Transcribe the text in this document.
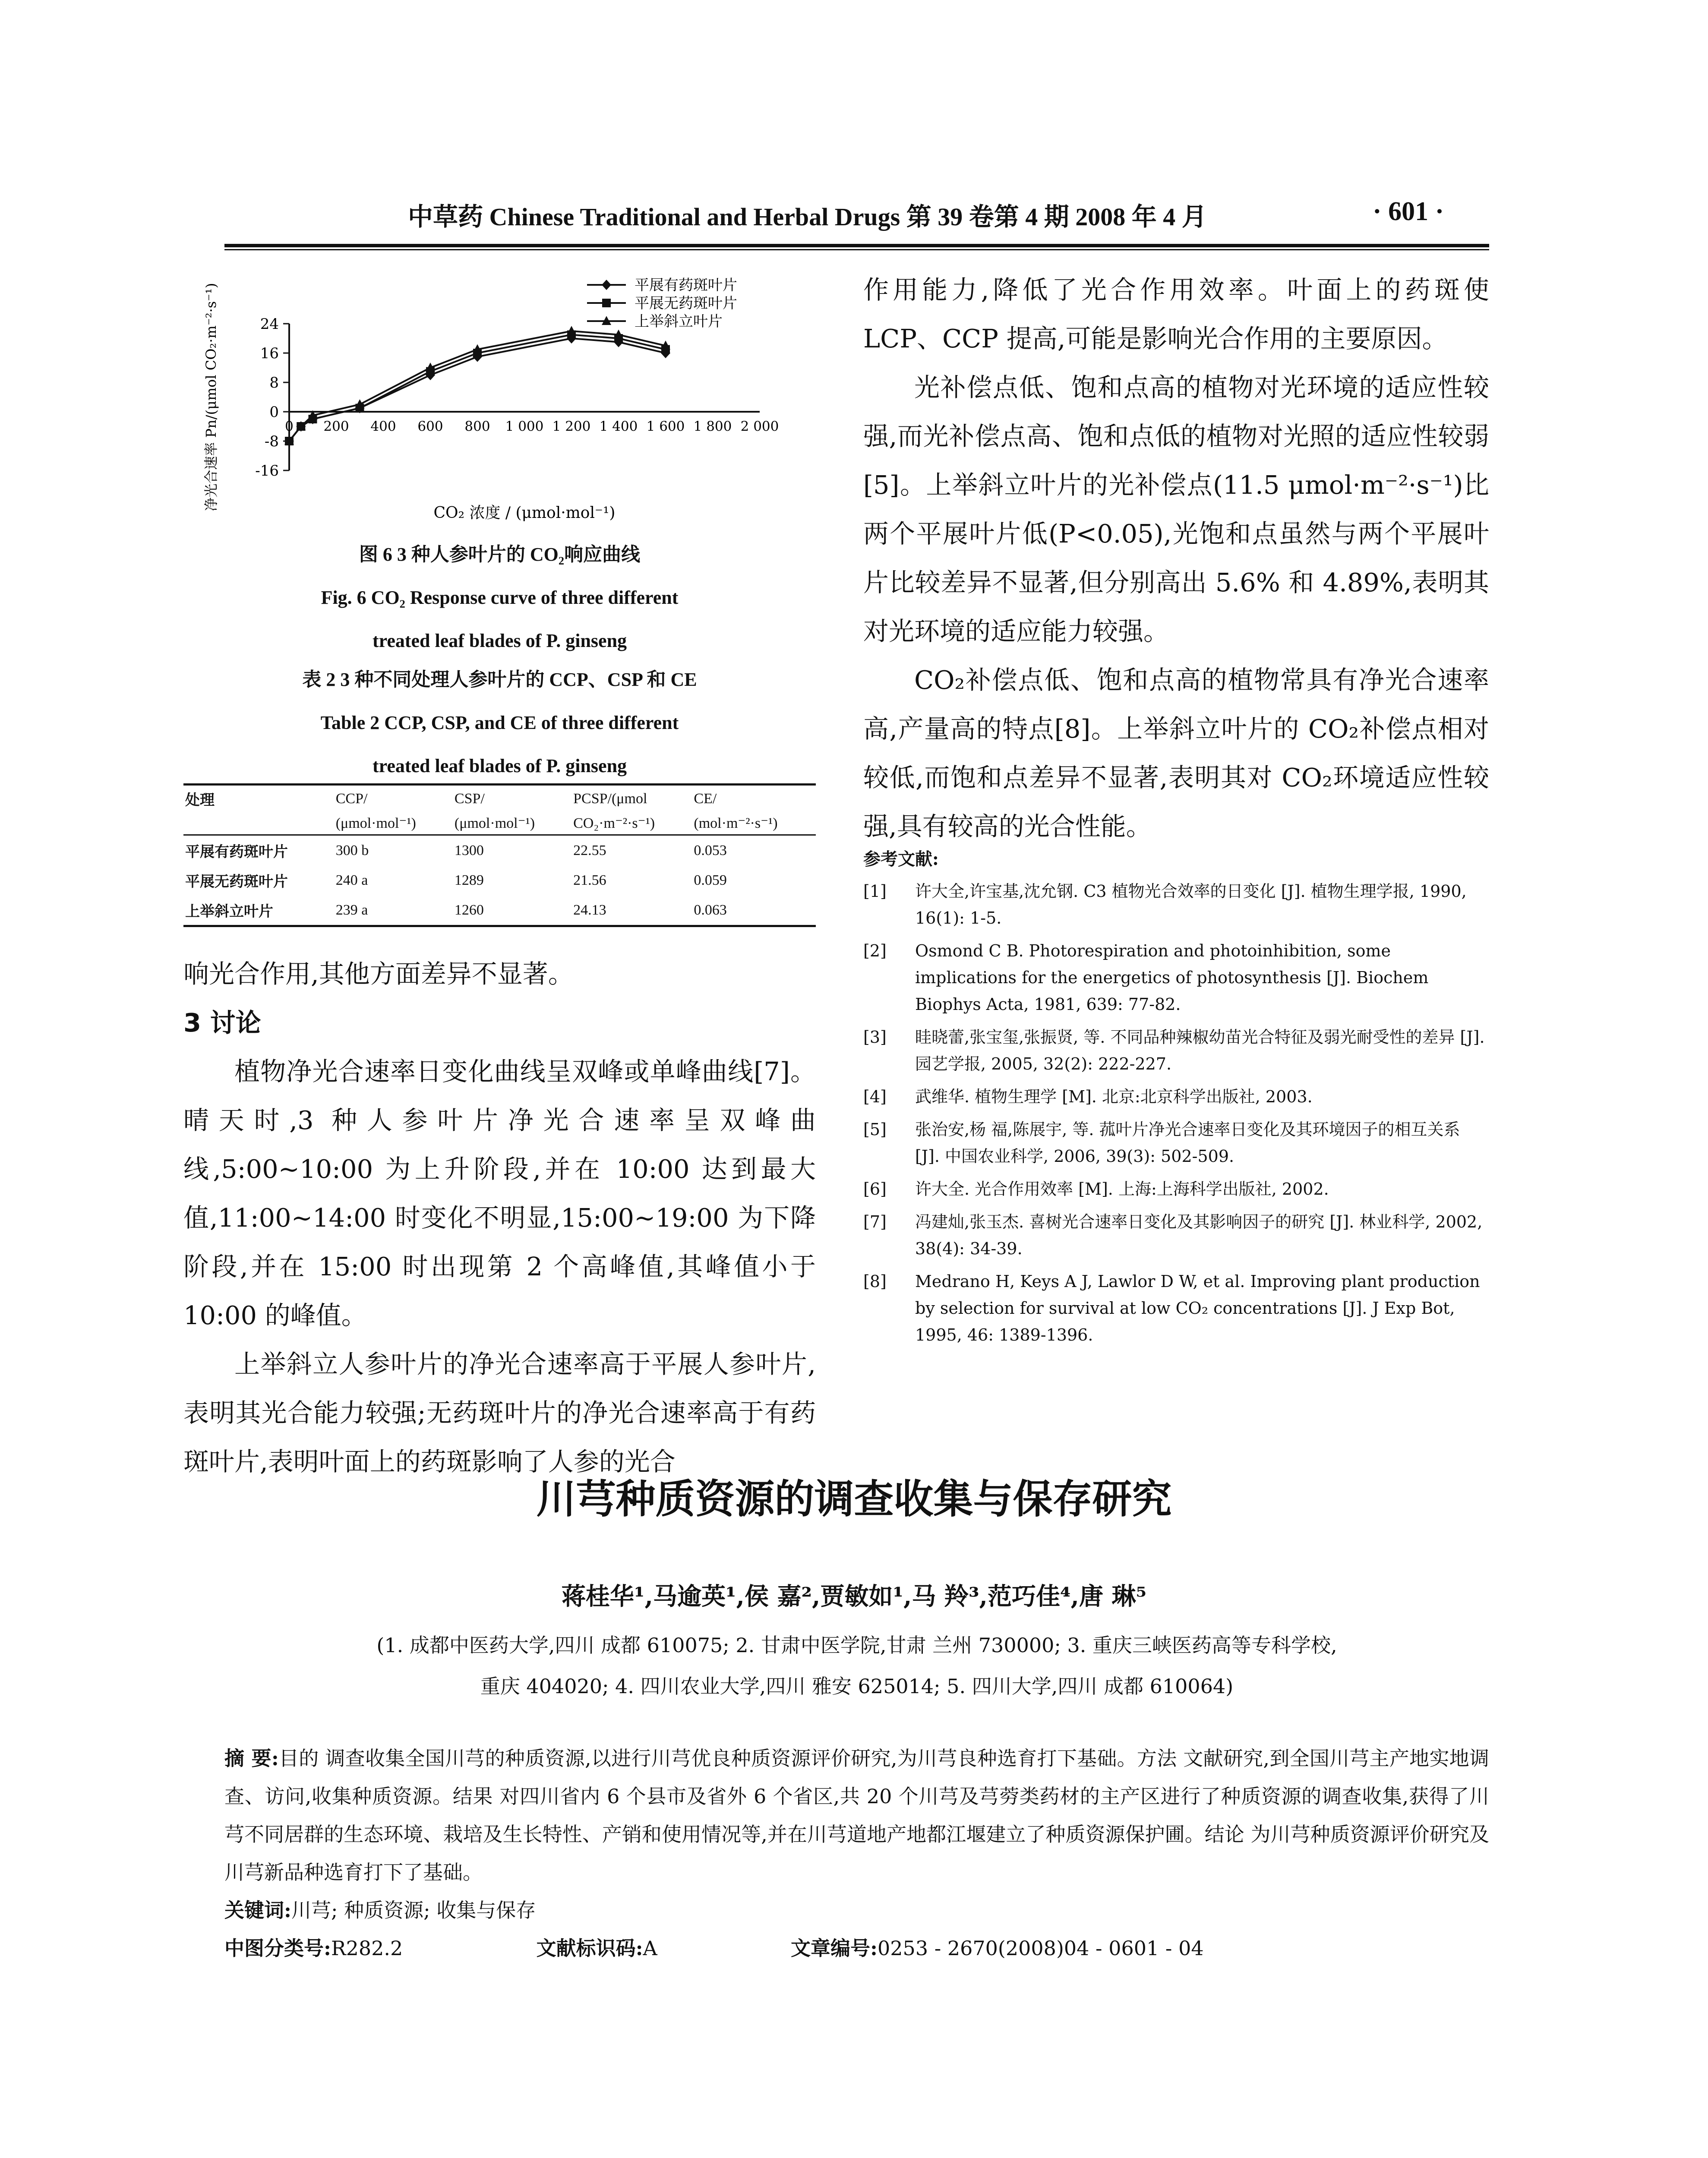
中草药 Chinese Traditional and Herbal Drugs 第 39 卷第 4 期 2008 年 4 月	· 601 ·
24
16
8
0
-8
-16
0 200 400 600 800 1 000 1 200 1 400 1 600 1 800 2 000
CO₂ 浓度 / (μmol·mol⁻¹)
净光合速率 Pn/(μmol CO₂·m⁻²·s⁻¹)	平展有药斑叶片
平展无药斑叶片
上举斜立叶片
图 6 3 种人参叶片的 CO₂响应曲线
Fig. 6 CO₂ Response curve of three different
treated leaf blades of P. ginseng
表 2 3 种不同处理人参叶片的 CCP、CSP 和 CE
Table 2 CCP, CSP, and CE of three different
treated leaf blades of P. ginseng
处理	CCP/	CSP/	PCSP/(μmol	CE/
	(μmol·mol⁻¹)	(μmol·mol⁻¹)	CO₂·m⁻²·s⁻¹)	(mol·m⁻²·s⁻¹)
平展有药斑叶片	300 b	1300	22.55	0.053
平展无药斑叶片	240 a	1289	21.56	0.059
上举斜立叶片	239 a	1260	24.13	0.063
响光合作用,其他方面差异不显著。
3 讨论
植物净光合速率日变化曲线呈双峰或单峰曲线[7]。晴天时,3 种人参叶片净光合速率呈双峰曲线,5:00~10:00 为上升阶段,并在 10:00 达到最大值,11:00~14:00 时变化不明显,15:00~19:00 为下降阶段,并在 15:00 时出现第 2 个高峰值,其峰值小于 10:00 的峰值。
上举斜立人参叶片的净光合速率高于平展人参叶片,表明其光合能力较强;无药斑叶片的净光合速率高于有药斑叶片,表明叶面上的药斑影响了人参的光合
作用能力,降低了光合作用效率。叶面上的药斑使 LCP、CCP 提高,可能是影响光合作用的主要原因。
光补偿点低、饱和点高的植物对光环境的适应性较强,而光补偿点高、饱和点低的植物对光照的适应性较弱[5]。上举斜立叶片的光补偿点(11.5 μmol·m⁻²·s⁻¹)比两个平展叶片低(P<0.05),光饱和点虽然与两个平展叶片比较差异不显著,但分别高出 5.6% 和 4.89%,表明其对光环境的适应能力较强。
CO₂补偿点低、饱和点高的植物常具有净光合速率高,产量高的特点[8]。上举斜立叶片的 CO₂补偿点相对较低,而饱和点差异不显著,表明其对 CO₂环境适应性较强,具有较高的光合性能。
参考文献:
[1] 许大全,许宝基,沈允钢. C3 植物光合效率的日变化 [J]. 植物生理学报, 1990, 16(1): 1-5.
[2] Osmond C B. Photorespiration and photoinhibition, some implications for the energetics of photosynthesis [J]. Biochem Biophys Acta, 1981, 639: 77-82.
[3] 眭晓蕾,张宝玺,张振贤, 等. 不同品种辣椒幼苗光合特征及弱光耐受性的差异 [J]. 园艺学报, 2005, 32(2): 222-227.
[4] 武维华. 植物生理学 [M]. 北京:北京科学出版社, 2003.
[5] 张治安,杨 福,陈展宇, 等. 菰叶片净光合速率日变化及其环境因子的相互关系 [J]. 中国农业科学, 2006, 39(3): 502-509.
[6] 许大全. 光合作用效率 [M]. 上海:上海科学出版社, 2002.
[7] 冯建灿,张玉杰. 喜树光合速率日变化及其影响因子的研究 [J]. 林业科学, 2002, 38(4): 34-39.
[8] Medrano H, Keys A J, Lawlor D W, et al. Improving plant production by selection for survival at low CO₂ concentrations [J]. J Exp Bot, 1995, 46: 1389-1396.
川芎种质资源的调查收集与保存研究
蒋桂华¹,马逾英¹,侯 嘉²,贾敏如¹,马 羚³,范巧佳⁴,唐 琳⁵
(1. 成都中医药大学,四川 成都 610075; 2. 甘肃中医学院,甘肃 兰州 730000; 3. 重庆三峡医药高等专科学校,
重庆 404020; 4. 四川农业大学,四川 雅安 625014; 5. 四川大学,四川 成都 610064)
摘 要:目的 调查收集全国川芎的种质资源,以进行川芎优良种质资源评价研究,为川芎良种选育打下基础。方法 文献研究,到全国川芎主产地实地调查、访问,收集种质资源。结果 对四川省内 6 个县市及省外 6 个省区,共 20 个川芎及芎䓖类药材的主产区进行了种质资源的调查收集,获得了川芎不同居群的生态环境、栽培及生长特性、产销和使用情况等,并在川芎道地产地都江堰建立了种质资源保护圃。结论 为川芎种质资源评价研究及川芎新品种选育打下了基础。
关键词:川芎; 种质资源; 收集与保存
中图分类号:R282.2	文献标识码:A	文章编号:0253 - 2670(2008)04 - 0601 - 04
